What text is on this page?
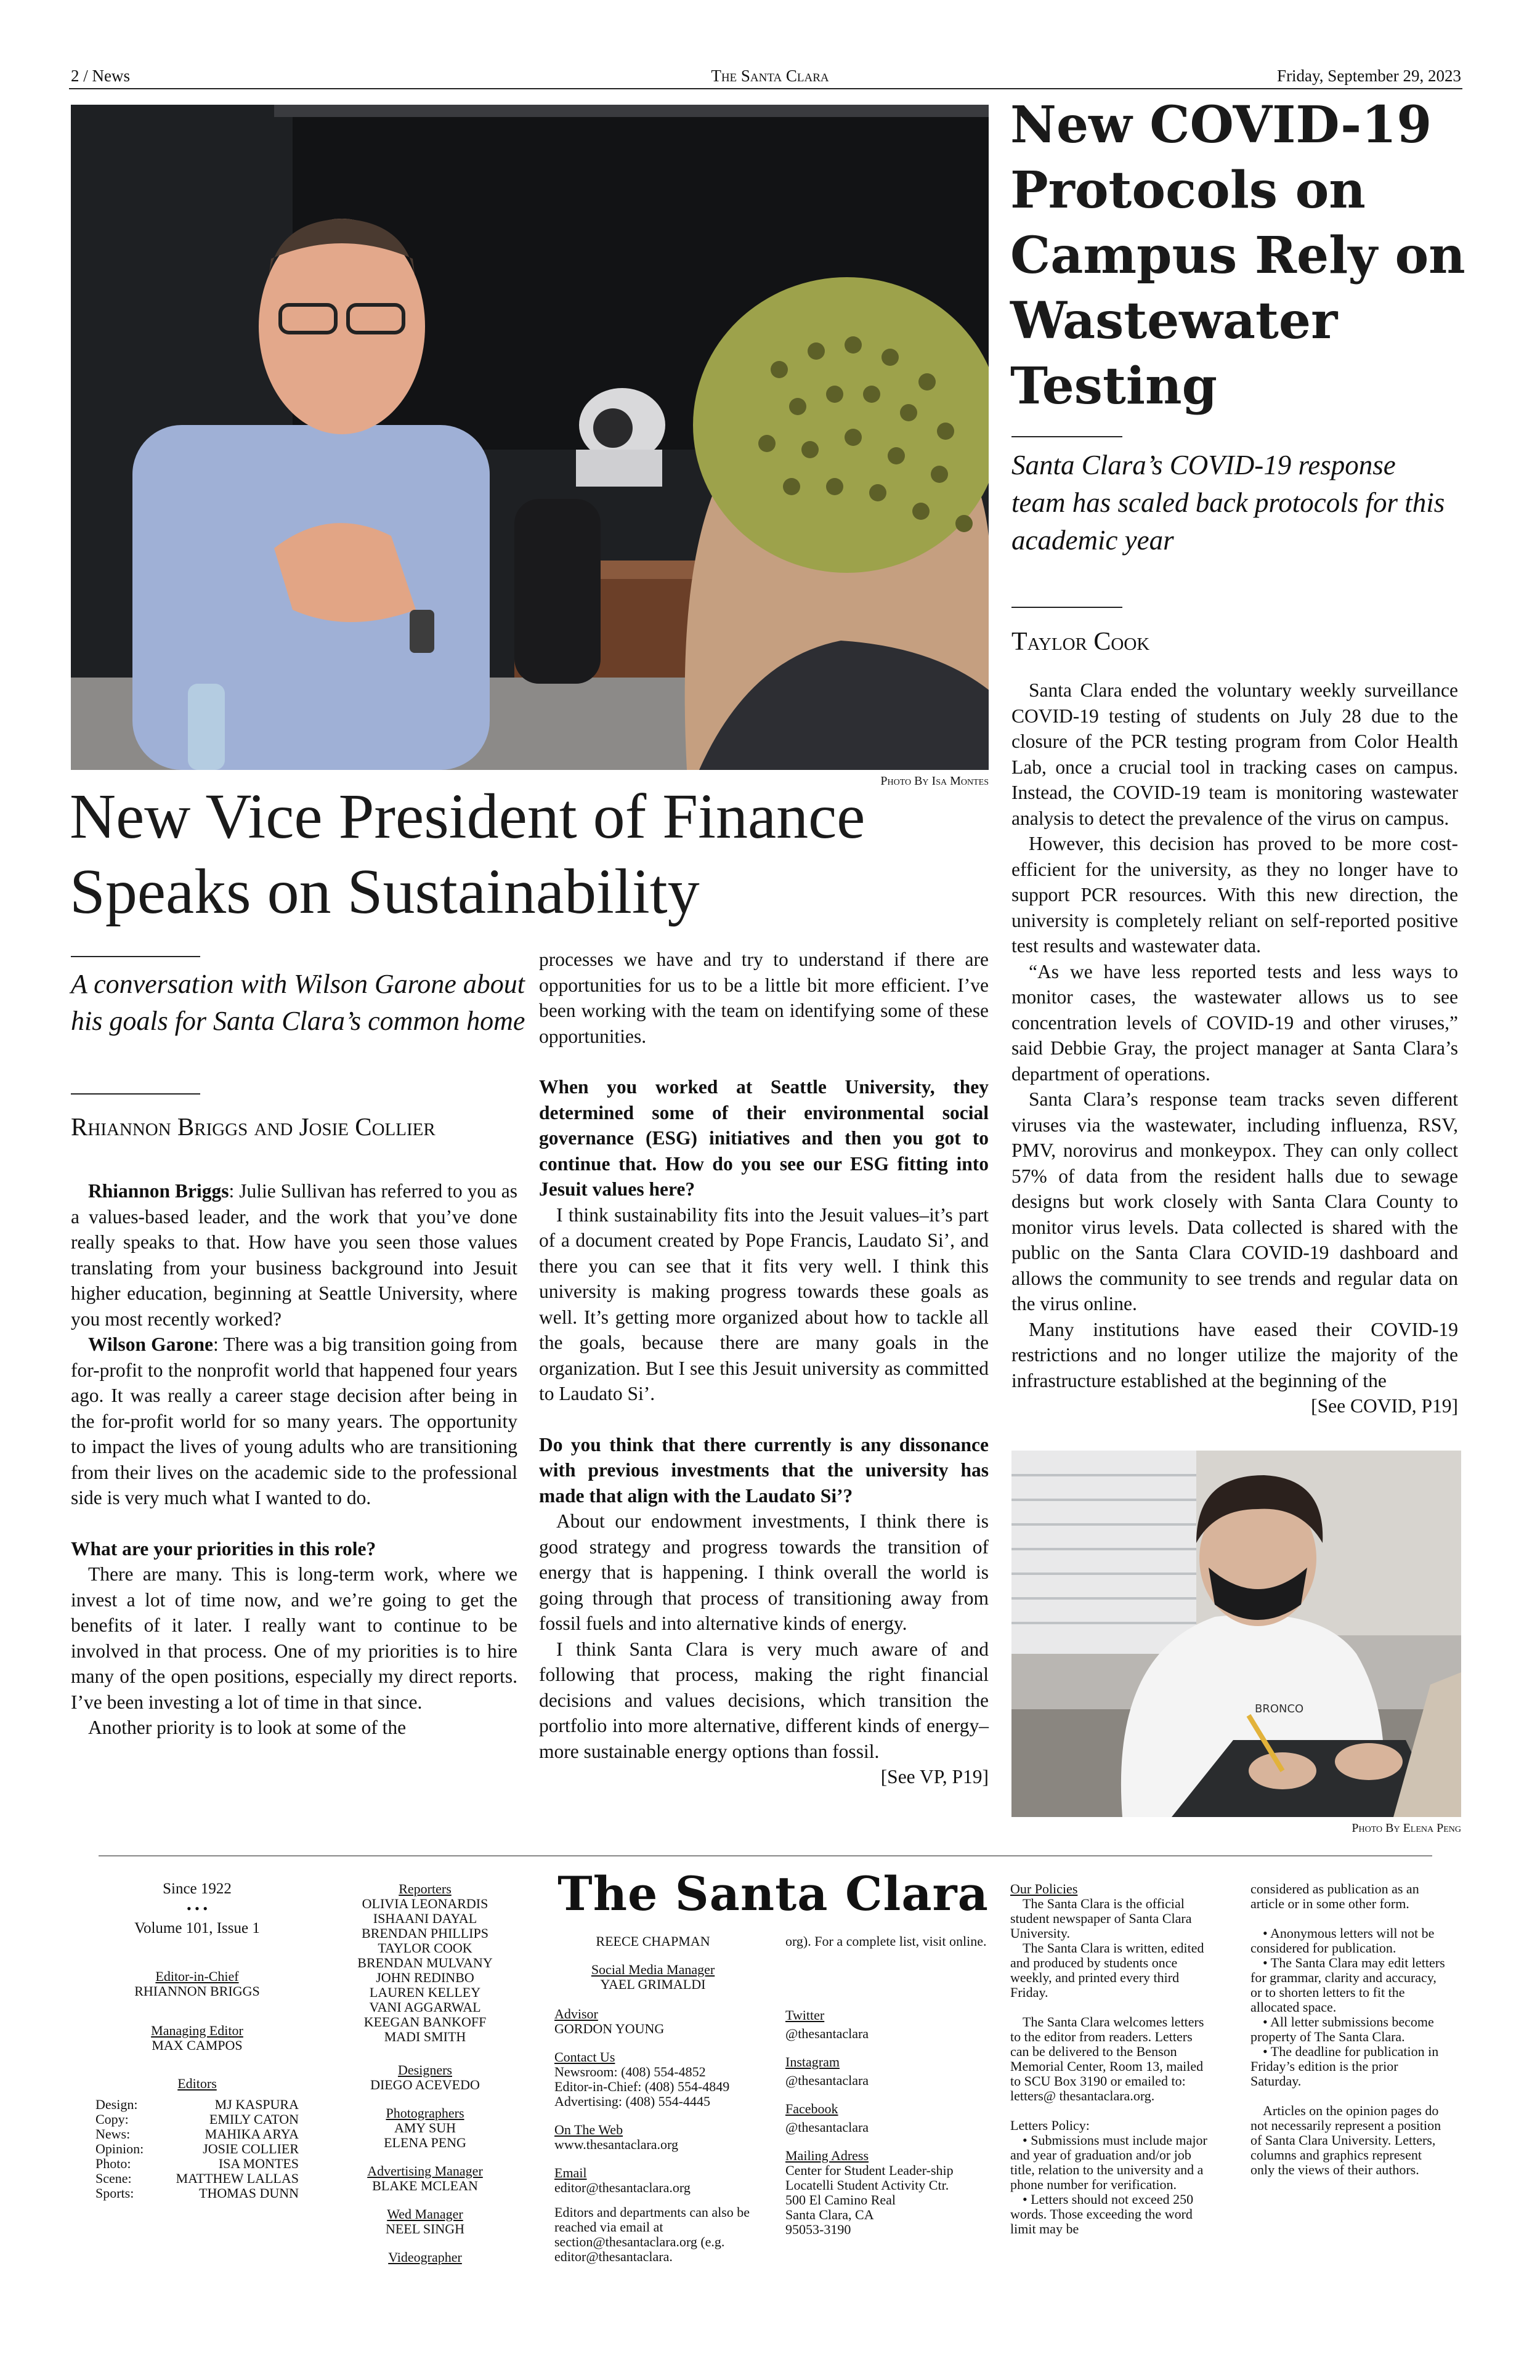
2 / News	The Santa Clara	Friday, September 29, 2023
Photo By Isa Montes
New Vice President of Finance Speaks on Sustainability
A conversation with Wilson Garone about his goals for Santa Clara’s common home
Rhiannon Briggs and Josie Collier

Rhiannon Briggs: Julie Sullivan has referred to you as a values-based leader, and the work that you’ve done really speaks to that. How have you seen those values translating from your business background into Jesuit higher education, beginning at Seattle University, where you most recently worked?

Wilson Garone: There was a big transition going from for-profit to the nonprofit world that happened four years ago. It was really a career stage decision after being in the for-profit world for so many years. The opportunity to impact the lives of young adults who are transitioning from their lives on the academic side to the professional side is very much what I wanted to do.

What are your priorities in this role?

There are many. This is long-term work, where we invest a lot of time now, and we’re going to get the benefits of it later. I really want to continue to be involved in that process. One of my priorities is to hire many of the open positions, especially my direct reports. I’ve been investing a lot of time in that since.

Another priority is to look at some of the

processes we have and try to understand if there are opportunities for us to be a little bit more efficient. I’ve been working with the team on identifying some of these opportunities.

When you worked at Seattle University, they determined some of their environmental social governance (ESG) initiatives and then you got to continue that. How do you see our ESG fitting into Jesuit values here?

I think sustainability fits into the Jesuit values–it’s part of a document created by Pope Francis, Laudato Si’, and there you can see that it fits very well. I think this university is making progress towards these goals as well. It’s getting more organized about how to tackle all the goals, because there are many goals in the organization. But I see this Jesuit university as committed to Laudato Si’.

Do you think that there currently is any dissonance with previous investments that the university has made that align with the Laudato Si’?

About our endowment investments, I think there is good strategy and progress towards the transition of energy that is happening. I think overall the world is going through that process of transitioning away from fossil fuels and into alternative kinds of energy.

I think Santa Clara is very much aware of and following that process, making the right financial decisions and values decisions, which transition the portfolio into more alternative, different kinds of energy–more sustainable energy options than fossil.

[See VP, P19]
New COVID-19 Protocols on Campus Rely on Wastewater Testing
Santa Clara’s COVID-19 response team has scaled back protocols for this academic year
Taylor Cook

Santa Clara ended the voluntary weekly surveillance COVID-19 testing of students on July 28 due to the closure of the PCR testing program from Color Health Lab, once a crucial tool in tracking cases on campus. Instead, the COVID-19 team is monitoring wastewater analysis to detect the prevalence of the virus on campus.

However, this decision has proved to be more cost-efficient for the university, as they no longer have to support PCR resources. With this new direction, the university is completely reliant on self-reported positive test results and wastewater data.

“As we have less reported tests and less ways to monitor cases, the wastewater allows us to see concentration levels of COVID-19 and other viruses,” said Debbie Gray, the project manager at Santa Clara’s department of operations.

Santa Clara’s response team tracks seven different viruses via the wastewater, including influenza, RSV, PMV, norovirus and monkeypox. They can only collect 57% of data from the resident halls due to sewage designs but work closely with Santa Clara County to monitor virus levels. Data collected is shared with the public on the Santa Clara COVID-19 dashboard and allows the community to see trends and regular data on the virus online.

Many institutions have eased their COVID-19 restrictions and no longer utilize the majority of the infrastructure established at the beginning of the

[See COVID, P19]
BRONCO
Photo By Elena Peng
Since 1922
• • •
Volume 101, Issue 1
Editor-in-Chief
RHIANNON BRIGGS
Managing Editor
MAX CAMPOS
Editors
Design:	MJ KASPURA
Copy:	EMILY CATON
News:	MAHIKA ARYA
Opinion:	JOSIE COLLIER
Photo:	ISA MONTES
Scene:	MATTHEW LALLAS
Sports:	THOMAS DUNN
Reporters
OLIVIA LEONARDIS
ISHAANI DAYAL
BRENDAN PHILLIPS
TAYLOR COOK
BRENDAN MULVANY
JOHN REDINBO
LAUREN KELLEY
VANI AGGARWAL
KEEGAN BANKOFF
MADI SMITH
Designers
DIEGO ACEVEDO
Photographers
AMY SUH
ELENA PENG
Advertising Manager
BLAKE MCLEAN
Wed Manager
NEEL SINGH
Videographer
The Santa Clara
REECE CHAPMAN
Social Media Manager
YAEL GRIMALDI
Advisor
GORDON YOUNG
Contact Us
Newsroom: (408) 554-4852
Editor-in-Chief: (408) 554-4849
Advertising: (408) 554-4445
On The Web
www.thesantaclara.org
Email
editor@thesantaclara.org
Editors and departments can also be reached via email at section@thesantaclara.org (e.g. editor@thesantaclara.
org). For a complete list, visit online.
Twitter
@thesantaclara
Instagram
@thesantaclara
Facebook
@thesantaclara
Mailing Adress
Center for Student Leader-ship
Locatelli Student Activity Ctr.
500 El Camino Real
Santa Clara, CA
95053-3190
Our Policies
The Santa Clara is the official student newspaper of Santa Clara University.
The Santa Clara is written, edited and produced by students once weekly, and printed every third Friday.
The Santa Clara welcomes letters to the editor from readers. Letters can be delivered to the Benson Memorial Center, Room 13, mailed to SCU Box 3190 or emailed to: letters@ thesantaclara.org.
Letters Policy:
• Submissions must include major and year of graduation and/or job title, relation to the university and a phone number for verification.
• Letters should not exceed 250 words. Those exceeding the word limit may be
considered as publication as an article or in some other form.
• Anonymous letters will not be considered for publication.
• The Santa Clara may edit letters for grammar, clarity and accuracy, or to shorten letters to fit the allocated space.
• All letter submissions become property of The Santa Clara.
• The deadline for publication in Friday’s edition is the prior Saturday.
Articles on the opinion pages do not necessarily represent a position of Santa Clara University. Letters, columns and graphics represent only the views of their authors.
